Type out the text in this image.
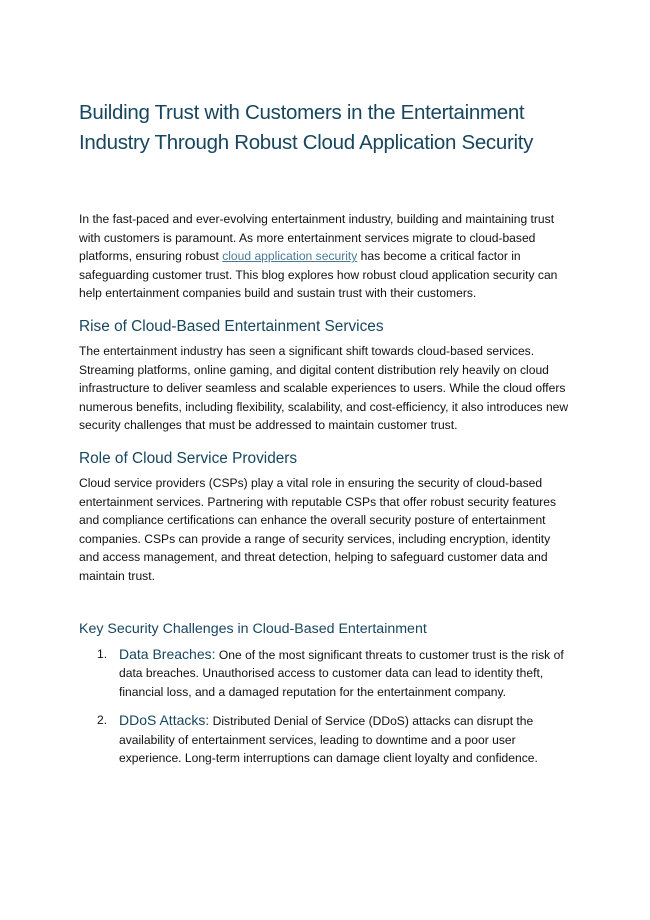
Building Trust with Customers in the Entertainment Industry Through Robust Cloud Application Security

In the fast-paced and ever-evolving entertainment industry, building and maintaining trust with customers is paramount. As more entertainment services migrate to cloud-based platforms, ensuring robust cloud application security has become a critical factor in safeguarding customer trust. This blog explores how robust cloud application security can help entertainment companies build and sustain trust with their customers.

Rise of Cloud-Based Entertainment Services

The entertainment industry has seen a significant shift towards cloud-based services. Streaming platforms, online gaming, and digital content distribution rely heavily on cloud infrastructure to deliver seamless and scalable experiences to users. While the cloud offers numerous benefits, including flexibility, scalability, and cost-efficiency, it also introduces new security challenges that must be addressed to maintain customer trust.

Role of Cloud Service Providers

Cloud service providers (CSPs) play a vital role in ensuring the security of cloud-based entertainment services. Partnering with reputable CSPs that offer robust security features and compliance certifications can enhance the overall security posture of entertainment companies. CSPs can provide a range of security services, including encryption, identity and access management, and threat detection, helping to safeguard customer data and maintain trust.

Key Security Challenges in Cloud-Based Entertainment
1. Data Breaches: One of the most significant threats to customer trust is the risk of data breaches. Unauthorised access to customer data can lead to identity theft, financial loss, and a damaged reputation for the entertainment company.
2. DDoS Attacks: Distributed Denial of Service (DDoS) attacks can disrupt the availability of entertainment services, leading to downtime and a poor user experience. Long-term interruptions can damage client loyalty and confidence.
